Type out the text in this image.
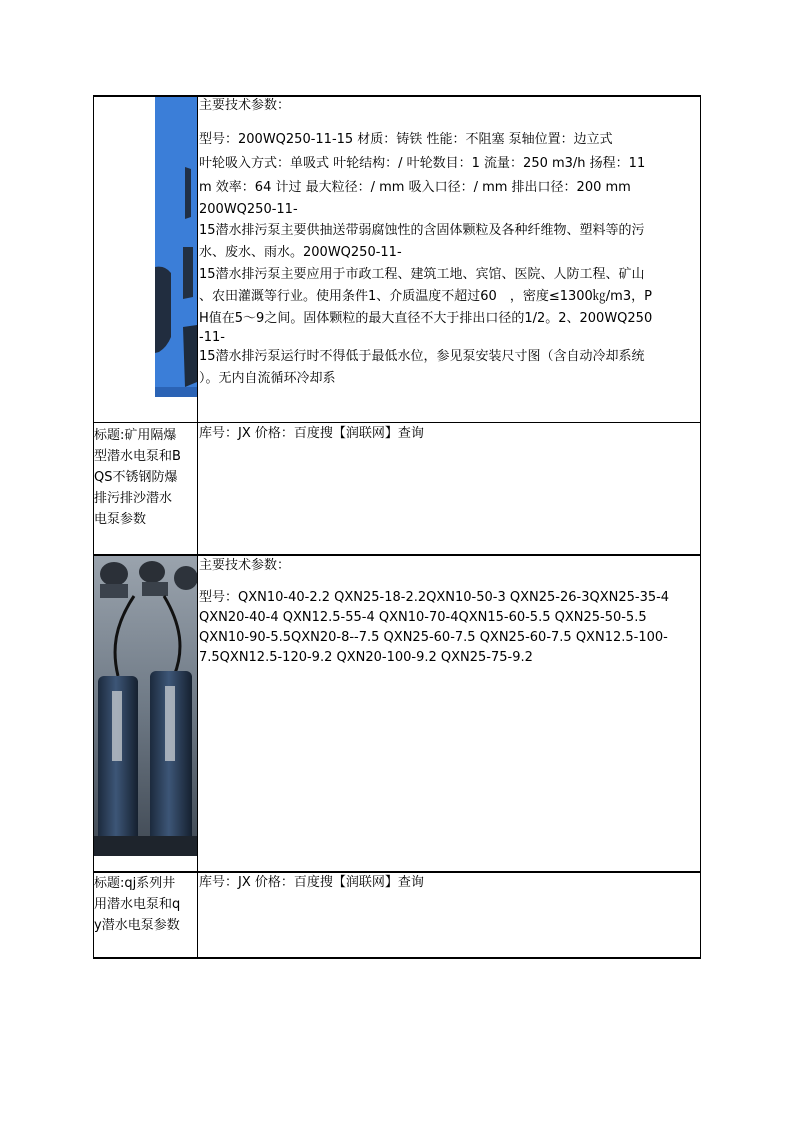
主要技术参数：
型号：200WQ250-11-15 材质：铸铁 性能：不阻塞 泵轴位置：边立式
叶轮吸入方式：单吸式 叶轮结构：/ 叶轮数目：1 流量：250 m3/h 扬程：11
m 效率：64 计过 最大粒径：/ mm 吸入口径：/ mm 排出口径：200 mm
200WQ250-11-
15潜水排污泵主要供抽送带弱腐蚀性的含固体颗粒及各种纤维物、塑料等的污
水、废水、雨水。200WQ250-11-
15潜水排污泵主要应用于市政工程、建筑工地、宾馆、医院、人防工程、矿山
、农田灌溉等行业。使用条件1、介质温度不超过60　，密度≤1300㎏/m3，P
H值在5～9之间。固体颗粒的最大直径不大于排出口径的1/2。2、200WQ250
-11-
15潜水排污泵运行时不得低于最低水位，参见泵安装尺寸图（含自动冷却系统
）。无内自流循环冷却系
标题:矿用隔爆
型潜水电泵和B
QS不锈钢防爆
排污排沙潜水
电泵参数
库号：JX 价格：百度搜【润联网】查询
主要技术参数：
型号：QXN10-40-2.2 QXN25-18-2.2QXN10-50-3 QXN25-26-3QXN25-35-4
QXN20-40-4 QXN12.5-55-4 QXN10-70-4QXN15-60-5.5 QXN25-50-5.5
QXN10-90-5.5QXN20-8--7.5 QXN25-60-7.5 QXN25-60-7.5 QXN12.5-100-
7.5QXN12.5-120-9.2 QXN20-100-9.2 QXN25-75-9.2
标题:qj系列井
用潜水电泵和q
y潜水电泵参数
库号：JX 价格：百度搜【润联网】查询
